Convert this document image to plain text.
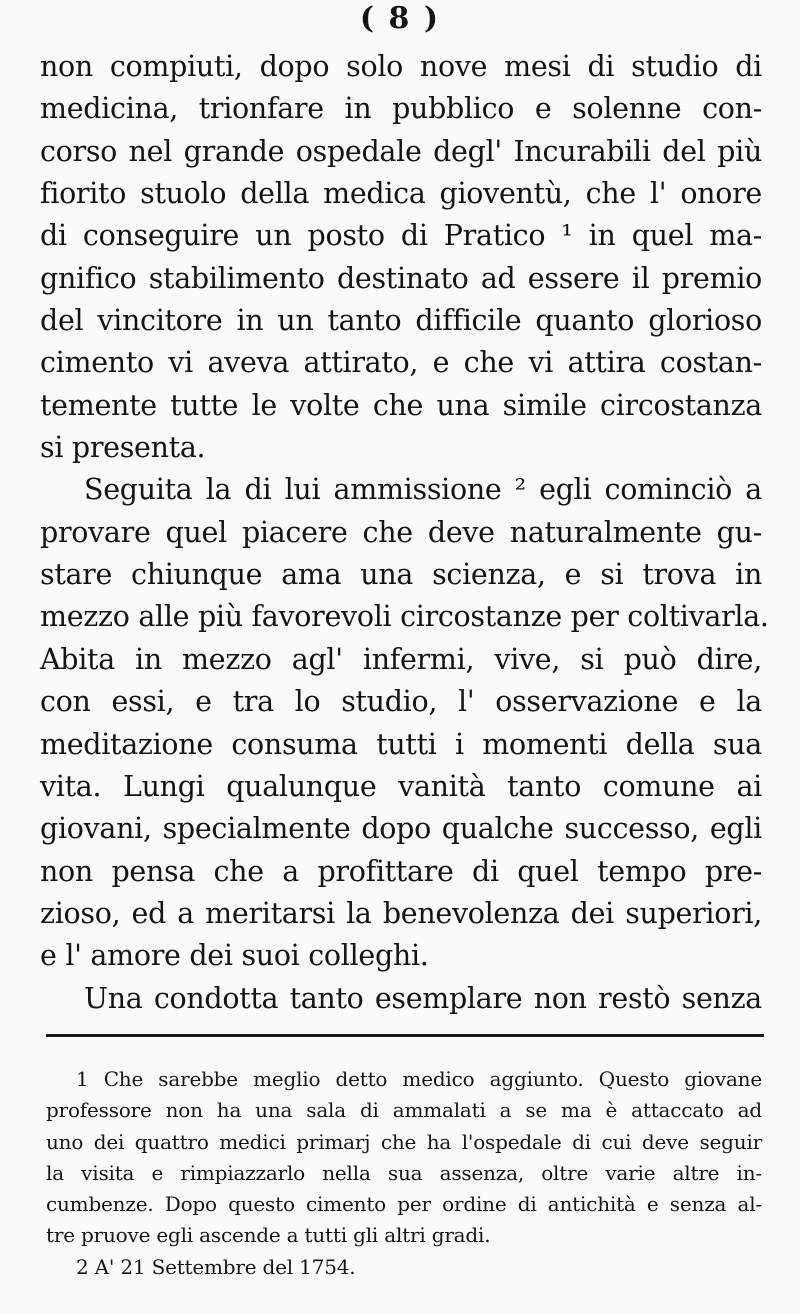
( 8 )
non compiuti, dopo solo nove mesi di studio di
medicina, trionfare in pubblico e solenne con-
corso nel grande ospedale degl' Incurabili del più
fiorito stuolo della medica gioventù, che l' onore
di conseguire un posto di Pratico ¹ in quel ma-
gnifico stabilimento destinato ad essere il premio
del vincitore in un tanto difficile quanto glorioso
cimento vi aveva attirato, e che vi attira costan-
temente tutte le volte che una simile circostanza
si presenta.
Seguita la di lui ammissione ² egli cominciò a
provare quel piacere che deve naturalmente gu-
stare chiunque ama una scienza, e si trova in
mezzo alle più favorevoli circostanze per coltivarla.
Abita in mezzo agl' infermi, vive, si può dire,
con essi, e tra lo studio, l' osservazione e la
meditazione consuma tutti i momenti della sua
vita. Lungi qualunque vanità tanto comune ai
giovani, specialmente dopo qualche successo, egli
non pensa che a profittare di quel tempo pre-
zioso, ed a meritarsi la benevolenza dei superiori,
e l' amore dei suoi colleghi.
Una condotta tanto esemplare non restò senza
1 Che sarebbe meglio detto medico aggiunto. Questo giovane
professore non ha una sala di ammalati a se ma è attaccato ad
uno dei quattro medici primarj che ha l'ospedale di cui deve seguir
la visita e rimpiazzarlo nella sua assenza, oltre varie altre in-
cumbenze. Dopo questo cimento per ordine di antichità e senza al-
tre pruove egli ascende a tutti gli altri gradi.
2 A' 21 Settembre del 1754.
